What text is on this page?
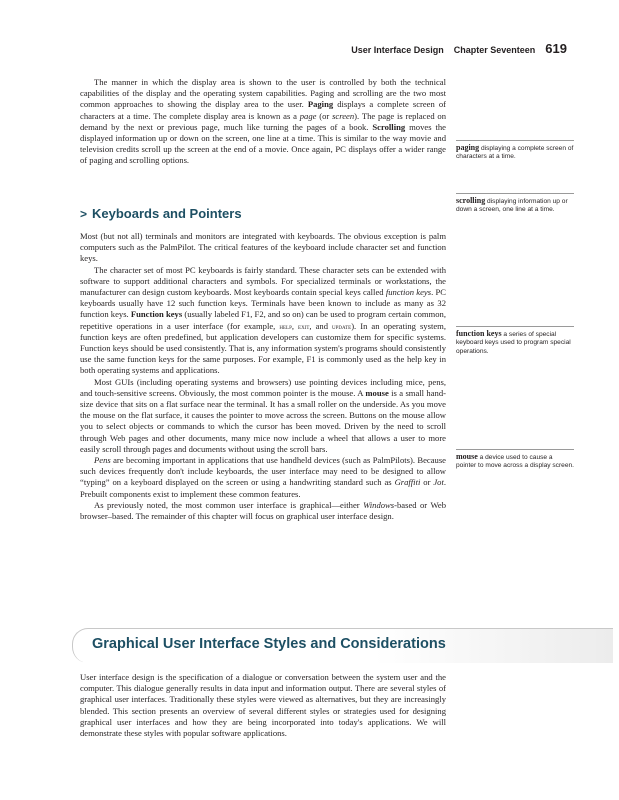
User Interface Design Chapter Seventeen 619

The manner in which the display area is shown to the user is controlled by both the technical capabilities of the display and the operating system capabilities. Paging and scrolling are the two most common approaches to showing the display area to the user. Paging displays a complete screen of characters at a time. The complete display area is known as a page (or screen). The page is replaced on demand by the next or previous page, much like turning the pages of a book. Scrolling moves the displayed information up or down on the screen, one line at a time. This is similar to the way movie and television credits scroll up the screen at the end of a movie. Once again, PC displays offer a wider range of paging and scrolling options.

> Keyboards and Pointers

Most (but not all) terminals and monitors are integrated with keyboards. The obvious exception is palm computers such as the PalmPilot. The critical features of the keyboard include character set and function keys.

The character set of most PC keyboards is fairly standard. These character sets can be extended with software to support additional characters and symbols. For specialized terminals or workstations, the manufacturer can design custom keyboards. Most keyboards contain special keys called function keys. PC keyboards usually have 12 such function keys. Terminals have been known to include as many as 32 function keys. Function keys (usually labeled F1, F2, and so on) can be used to program certain common, repetitive operations in a user interface (for example, help, exit, and update). In an operating system, function keys are often predefined, but application developers can customize them for specific systems. Function keys should be used consistently. That is, any information system's programs should consistently use the same function keys for the same purposes. For example, F1 is commonly used as the help key in both operating systems and applications.

Most GUIs (including operating systems and browsers) use pointing devices including mice, pens, and touch-sensitive screens. Obviously, the most common pointer is the mouse. A mouse is a small hand-size device that sits on a flat surface near the terminal. It has a small roller on the underside. As you move the mouse on the flat surface, it causes the pointer to move across the screen. Buttons on the mouse allow you to select objects or commands to which the cursor has been moved. Driven by the need to scroll through Web pages and other documents, many mice now include a wheel that allows a user to more easily scroll through pages and documents without using the scroll bars.

Pens are becoming important in applications that use handheld devices (such as PalmPilots). Because such devices frequently don't include keyboards, the user interface may need to be designed to allow “typing” on a keyboard displayed on the screen or using a handwriting standard such as Graffiti or Jot. Prebuilt components exist to implement these common features.

As previously noted, the most common user interface is graphical—either Windows-based or Web browser–based. The remainder of this chapter will focus on graphical user interface design.

Graphical User Interface Styles and Considerations

User interface design is the specification of a dialogue or conversation between the system user and the computer. This dialogue generally results in data input and information output. There are several styles of graphical user interfaces. Traditionally these styles were viewed as alternatives, but they are increasingly blended. This section presents an overview of several different styles or strategies used for designing graphical user interfaces and how they are being incorporated into today's applications. We will demonstrate these styles with popular software applications.

paging displaying a complete screen of characters at a time.
scrolling displaying information up or down a screen, one line at a time.
function keys a series of special keyboard keys used to program special operations.
mouse a device used to cause a pointer to move across a display screen.
